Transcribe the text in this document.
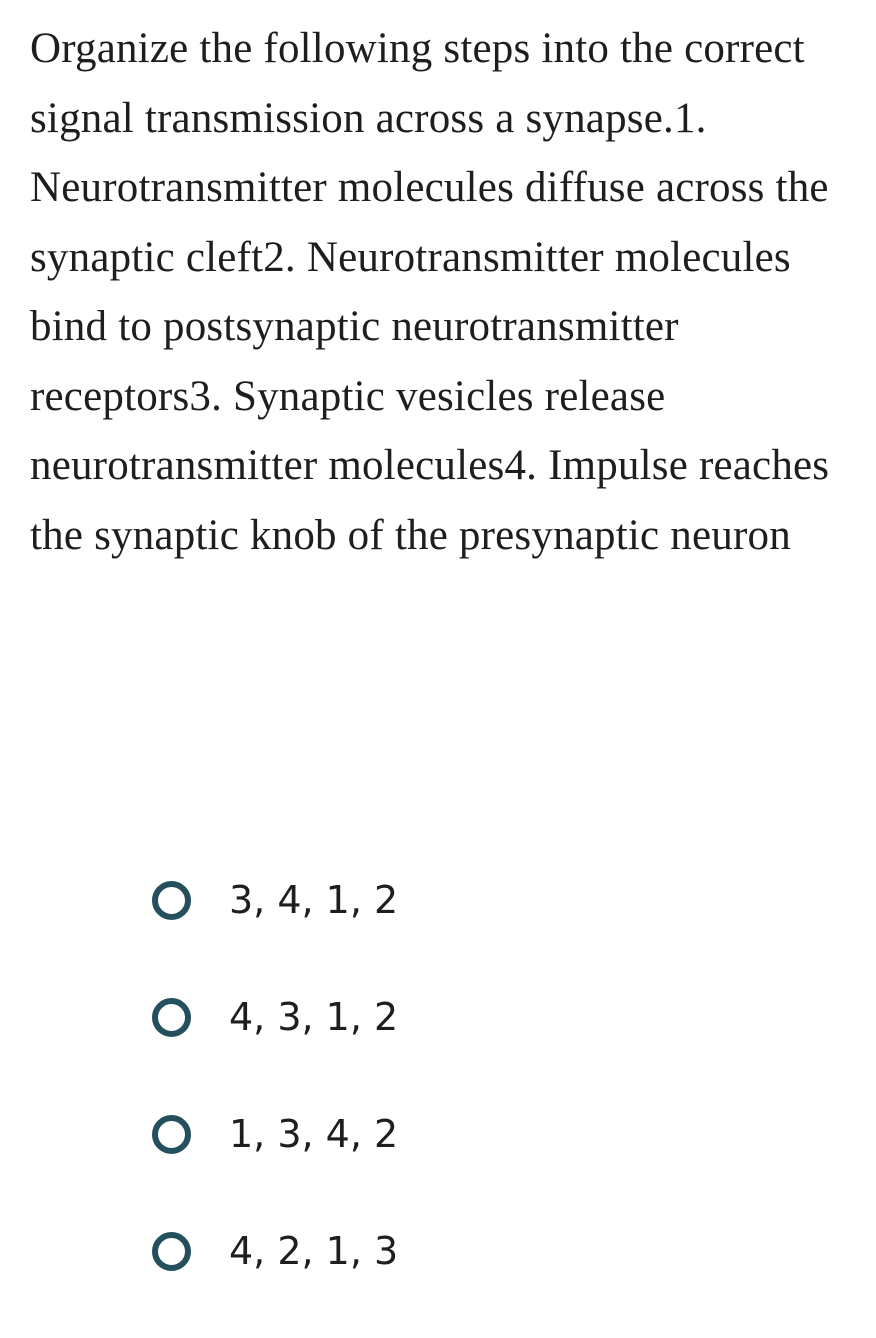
Organize the following steps into the correct signal transmission across a synapse.1. Neurotransmitter molecules diffuse across the synaptic cleft2. Neurotransmitter molecules bind to postsynaptic neurotransmitter receptors3. Synaptic vesicles release neurotransmitter molecules4. Impulse reaches the synaptic knob of the presynaptic neuron

3, 4, 1, 2
4, 3, 1, 2
1, 3, 4, 2
4, 2, 1, 3
